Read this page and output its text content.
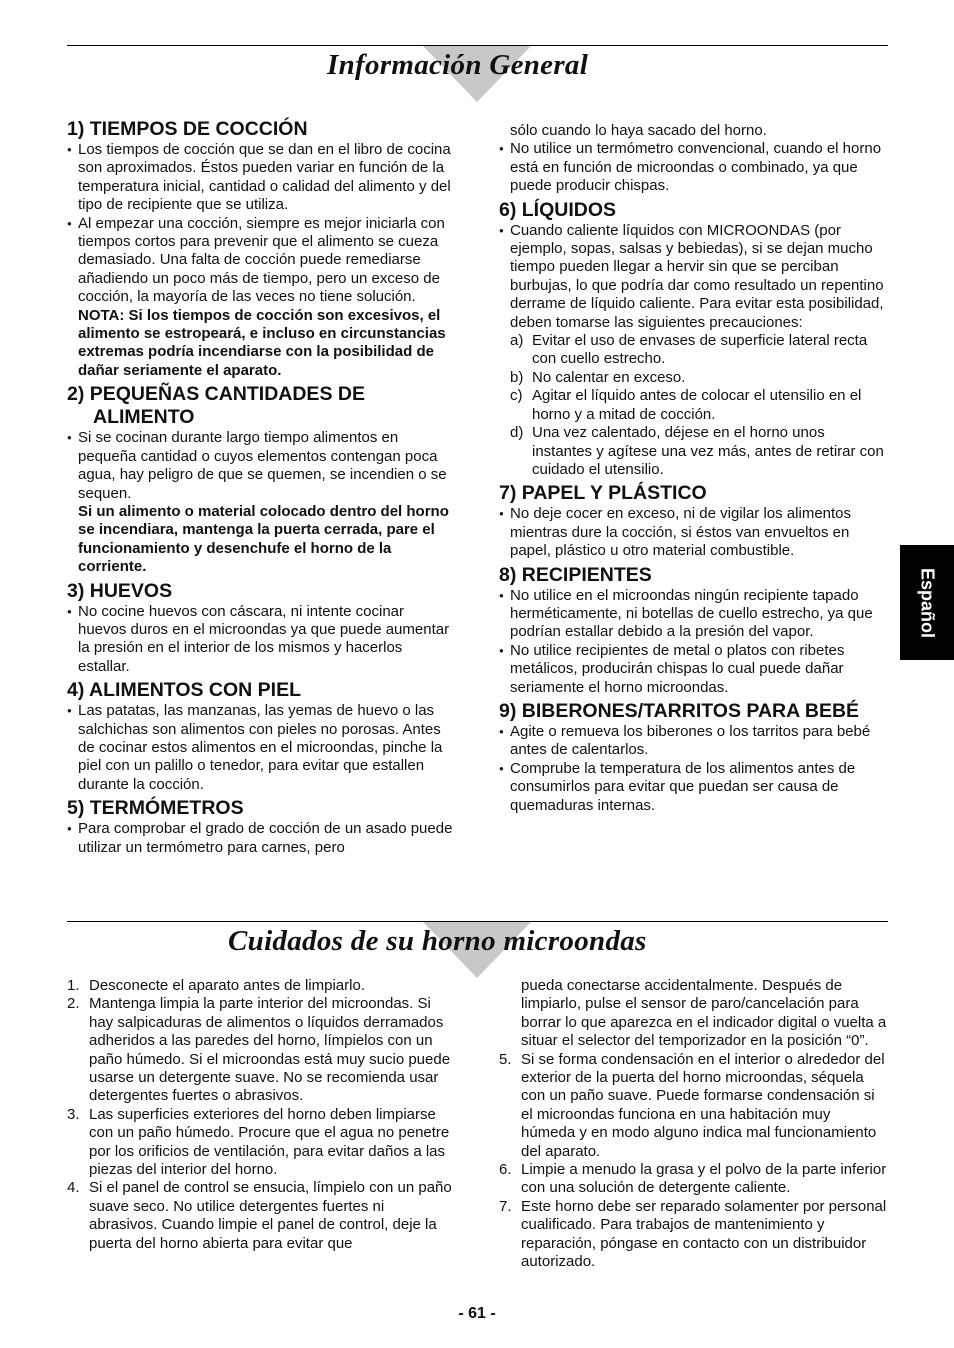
Información General
1) TIEMPOS DE COCCIÓN
● Los tiempos de cocción que se dan en el libro de cocina son aproximados. Éstos pueden variar en función de la temperatura inicial, cantidad o calidad del alimento y del tipo de recipiente que se utiliza.
● Al empezar una cocción, siempre es mejor iniciarla con tiempos cortos para prevenir que el alimento se cueza demasiado. Una falta de cocción puede remediarse añadiendo un poco más de tiempo, pero un exceso de cocción, la mayoría de las veces no tiene solución.
NOTA: Si los tiempos de cocción son excesivos, el alimento se estropeará, e incluso en circunstancias extremas podría incendiarse con la posibilidad de dañar seriamente el aparato.
2) PEQUEÑAS CANTIDADES DE ALIMENTO
● Si se cocinan durante largo tiempo alimentos en pequeña cantidad o cuyos elementos contengan poca agua, hay peligro de que se quemen, se incendien o se sequen.
Si un alimento o material colocado dentro del horno se incendiara, mantenga la puerta cerrada, pare el funcionamiento y desenchufe el horno de la corriente.
3) HUEVOS
● No cocine huevos con cáscara, ni intente cocinar huevos duros en el microondas ya que puede aumentar la presión en el interior de los mismos y hacerlos estallar.
4) ALIMENTOS CON PIEL
● Las patatas, las manzanas, las yemas de huevo o las salchichas son alimentos con pieles no porosas. Antes de cocinar estos alimentos en el microondas, pinche la piel con un palillo o tenedor, para evitar que estallen durante la cocción.
5) TERMÓMETROS
● Para comprobar el grado de cocción de un asado puede utilizar un termómetro para carnes, pero
sólo cuando lo haya sacado del horno.
● No utilice un termómetro convencional, cuando el horno está en función de microondas o combinado, ya que puede producir chispas.
6) LÍQUIDOS
● Cuando caliente líquidos con MICROONDAS (por ejemplo, sopas, salsas y bebiedas), si se dejan mucho tiempo pueden llegar a hervir sin que se perciban burbujas, lo que podría dar como resultado un repentino derrame de líquido caliente. Para evitar esta posibilidad, deben tomarse las siguientes precauciones:
a) Evitar el uso de envases de superficie lateral recta con cuello estrecho.
b) No calentar en exceso.
c) Agitar el líquido antes de colocar el utensilio en el horno y a mitad de cocción.
d) Una vez calentado, déjese en el horno unos instantes y agítese una vez más, antes de retirar con cuidado el utensilio.
7) PAPEL Y PLÁSTICO
● No deje cocer en exceso, ni de vigilar los alimentos mientras dure la cocción, si éstos van envueltos en papel, plástico u otro material combustible.
8) RECIPIENTES
● No utilice en el microondas ningún recipiente tapado herméticamente, ni botellas de cuello estrecho, ya que podrían estallar debido a la presión del vapor.
● No utilice recipientes de metal o platos con ribetes metálicos, producirán chispas lo cual puede dañar seriamente el horno microondas.
9) BIBERONES/TARRITOS PARA BEBÉ
● Agite o remueva los biberones o los tarritos para bebé antes de calentarlos.
● Comprube la temperatura de los alimentos antes de consumirlos para evitar que puedan ser causa de quemaduras internas.
Español
Cuidados de su horno microondas
1. Desconecte el aparato antes de limpiarlo.
2. Mantenga limpia la parte interior del microondas. Si hay salpicaduras de alimentos o líquidos derramados adheridos a las paredes del horno, límpielos con un paño húmedo. Si el microondas está muy sucio puede usarse un detergente suave. No se recomienda usar detergentes fuertes o abrasivos.
3. Las superficies exteriores del horno deben limpiarse con un paño húmedo. Procure que el agua no penetre por los orificios de ventilación, para evitar daños a las piezas del interior del horno.
4. Si el panel de control se ensucia, límpielo con un paño suave seco. No utilice detergentes fuertes ni abrasivos. Cuando limpie el panel de control, deje la puerta del horno abierta para evitar que
pueda conectarse accidentalmente. Después de limpiarlo, pulse el sensor de paro/cancelación para borrar lo que aparezca en el indicador digital o vuelta a situar el selector del temporizador en la posición “0”.
5. Si se forma condensación en el interior o alrededor del exterior de la puerta del horno microondas, séquela con un paño suave. Puede formarse condensación si el microondas funciona en una habitación muy húmeda y en modo alguno indica mal funcionamiento del aparato.
6. Limpie a menudo la grasa y el polvo de la parte inferior con una solución de detergente caliente.
7. Este horno debe ser reparado solamenter por personal cualificado. Para trabajos de mantenimiento y reparación, póngase en contacto con un distribuidor autorizado.
- 61 -
